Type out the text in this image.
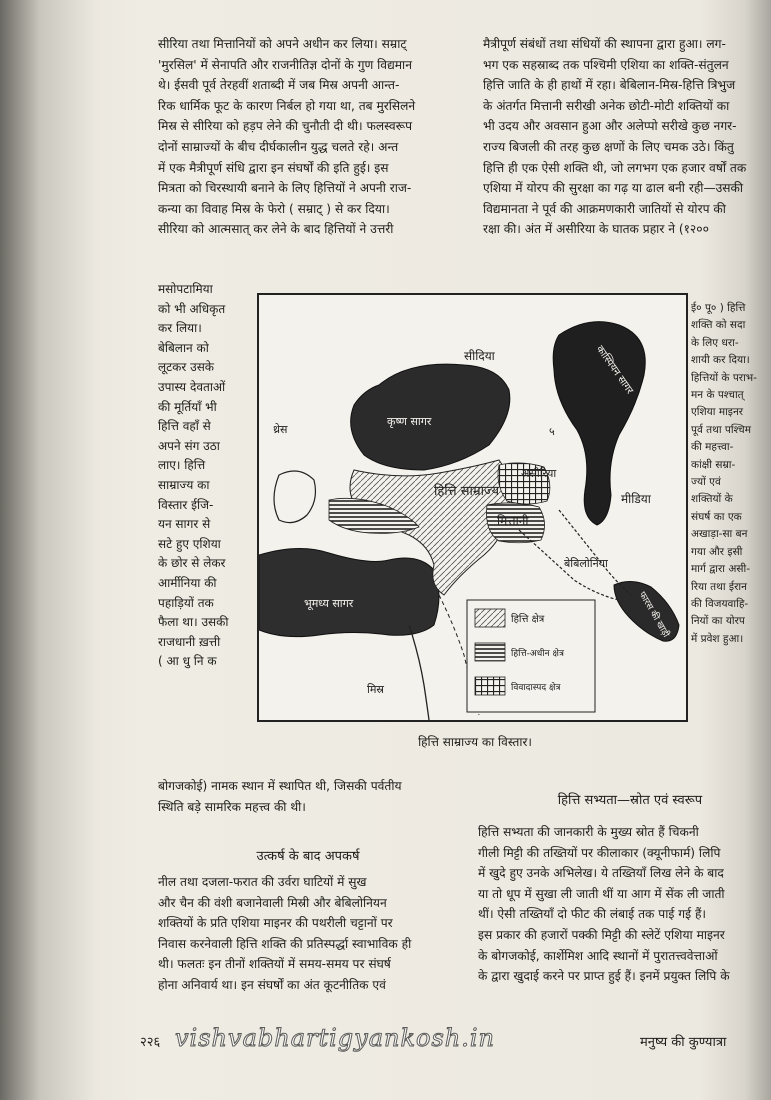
सीरिया तथा मित्तानियों को अपने अधीन कर लिया। सम्राट्
'मुरसिल' में सेनापति और राजनीतिज्ञ दोनों के गुण विद्यमान
थे। ईसवी पूर्व तेरहवीं शताब्दी में जब मिस्र अपनी आन्त-
रिक धार्मिक फूट के कारण निर्बल हो गया था, तब मुरसिलने
मिस्र से सीरिया को हड़प लेने की चुनौती दी थी। फलस्वरूप
दोनों साम्राज्यों के बीच दीर्घकालीन युद्ध चलते रहे। अन्त
में एक मैत्रीपूर्ण संधि द्वारा इन संघर्षों की इति हुई। इस
मित्रता को चिरस्थायी बनाने के लिए हित्तियों ने अपनी राज-
कन्या का विवाह मिस्र के फेरो ( सम्राट् ) से कर दिया।
सीरिया को आत्मसात् कर लेने के बाद हित्तियों ने उत्तरी
मैत्रीपूर्ण संबंधों तथा संधियों की स्थापना द्वारा हुआ। लग-
भग एक सहस्राब्द तक पश्चिमी एशिया का शक्ति-संतुलन
हित्ति जाति के ही हाथों में रहा। बेबिलान-मिस्र-हित्ति त्रिभुज
के अंतर्गत मित्तानी सरीखी अनेक छोटी-मोटी शक्तियों का
भी उदय और अवसान हुआ और अलेप्पो सरीखे कुछ नगर-
राज्य बिजली की तरह कुछ क्षणों के लिए चमक उठे। किंतु
हित्ति ही एक ऐसी शक्ति थी, जो लगभग एक हजार वर्षों तक
एशिया में योरप की सुरक्षा का गढ़ या ढाल बनी रही—उसकी
विद्यमानता ने पूर्व की आक्रमणकारी जातियों से योरप की
रक्षा की। अंत में असीरिया के घातक प्रहार ने (१२००
मसोपटामिया
को भी अधिकृत
कर लिया।
बेबिलान को
लूटकर उसके
उपास्य देवताओं
की मूर्तियाँ भी
हित्ति वहाँ से
अपने संग उठा
लाए। हित्ति
साम्राज्य का
विस्तार ईजि-
यन सागर से
सटे हुए एशिया
के छोर से लेकर
आर्मीनिया की
पहाड़ियों तक
फैला था। उसकी
राजधानी ख़त्ती
( आ धु नि क
ई० पू० ) हित्ति
शक्ति को सदा
के लिए धरा-
शायी कर दिया।
हित्तियों के पराभ-
मन के पश्चात्
एशिया माइनर
पूर्व तथा पश्चिम
की महत्त्वा-
कांक्षी सम्रा-
ज्यों एवं
शक्तियों के
संघर्ष का एक
अखाड़ा-सा बन
गया और इसी
मार्ग द्वारा असी-
रिया तथा ईरान
की विजयवाहि-
नियों का योरप
में प्रवेश हुआ।
सीदिया
थ्रेस
कृष्ण सागर
कास्पियन सागर
हित्ति साम्राज्य
असीरिया
मित्तानी
मीडिया
बेबिलोनिया
फारस की खाड़ी
भूमध्य सागर
मिस्र
५
हित्ति क्षेत्र
हित्ति-अधीन क्षेत्र
विवादास्पद क्षेत्र
हित्ति साम्राज्य का विस्तार।
बोगजकोई) नामक स्थान में स्थापित थी, जिसकी पर्वतीय
स्थिति बड़े सामरिक महत्त्व की थी।	हित्ति सभ्यता—स्रोत एवं स्वरूप
उत्कर्ष के बाद अपकर्ष
नील तथा दजला-फरात की उर्वरा घाटियों में सुख
और चैन की वंशी बजानेवाली मिस्री और बेबिलोनियन
शक्तियों के प्रति एशिया माइनर की पथरीली चट्टानों पर
निवास करनेवाली हित्ति शक्ति की प्रतिस्पर्द्धा स्वाभाविक ही
थी। फलतः इन तीनों शक्तियों में समय-समय पर संघर्ष
होना अनिवार्य था। इन संघर्षों का अंत कूटनीतिक एवं
हित्ति सभ्यता की जानकारी के मुख्य स्रोत हैं चिकनी
गीली मिट्टी की तख्तियों पर कीलाकार (क्यूनीफार्म) लिपि
में खुदे हुए उनके अभिलेख। ये तख्तियाँ लिख लेने के बाद
या तो धूप में सुखा ली जाती थीं या आग में सेंक ली जाती
थीं। ऐसी तख्तियाँ दो फीट की लंबाई तक पाई गई हैं।
इस प्रकार की हजारों पक्की मिट्टी की स्लेटें एशिया माइनर
के बोगजकोई, कार्शेमिश आदि स्थानों में पुरातत्त्ववेत्ताओं
के द्वारा खुदाई करने पर प्राप्त हुई हैं। इनमें प्रयुक्त लिपि के
२२६	मनुष्य की कुण्यात्रा
vishvabhartigyankosh.in
